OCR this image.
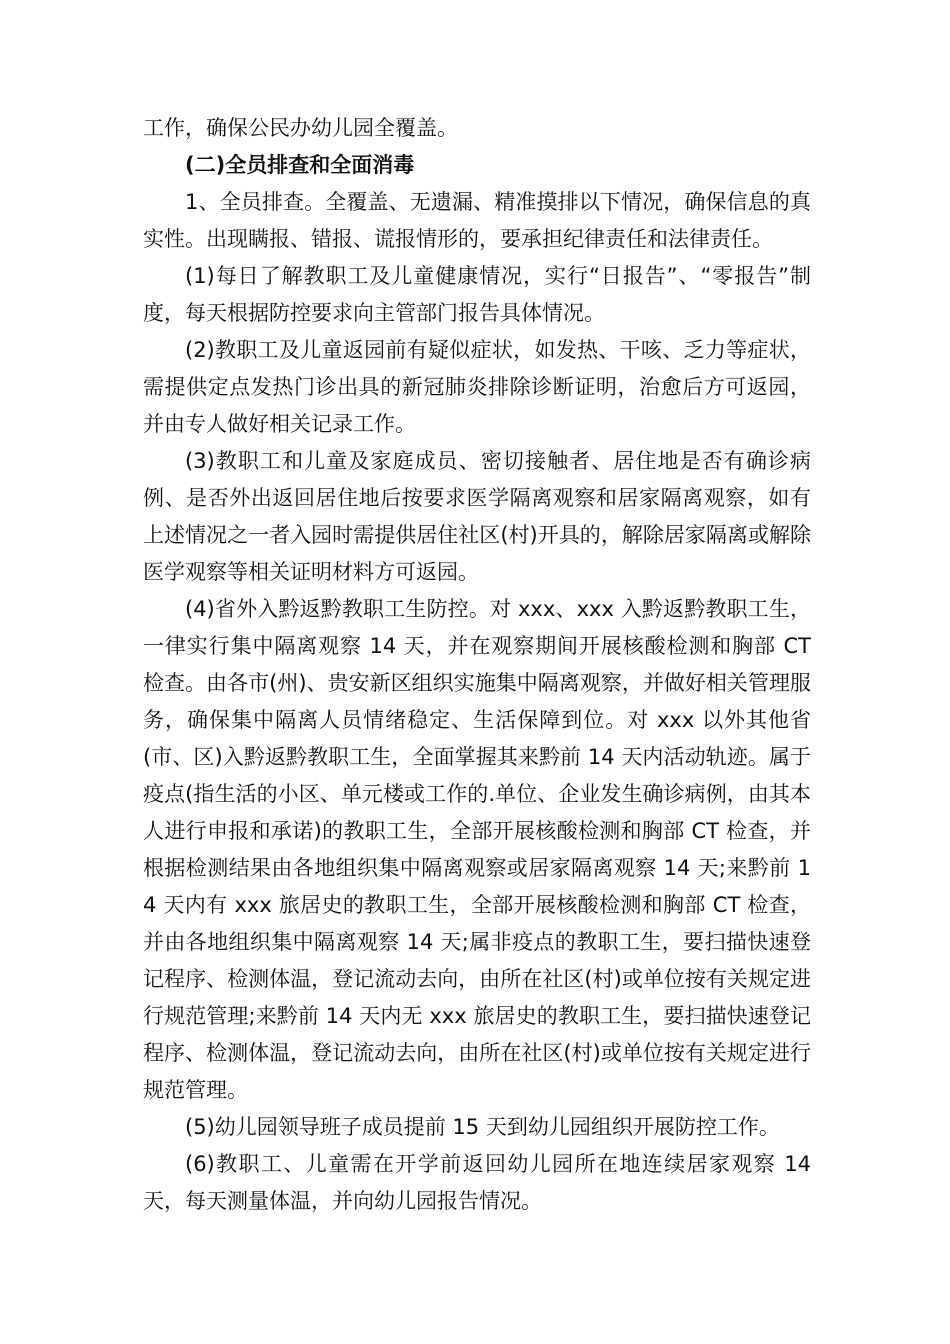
工作，确保公民办幼儿园全覆盖。

(二)全员排查和全面消毒

1、全员排查。全覆盖、无遗漏、精准摸排以下情况，确保信息的真实性。出现瞒报、错报、谎报情形的，要承担纪律责任和法律责任。

(1)每日了解教职工及儿童健康情况，实行“日报告”、“零报告”制度，每天根据防控要求向主管部门报告具体情况。

(2)教职工及儿童返园前有疑似症状，如发热、干咳、乏力等症状，需提供定点发热门诊出具的新冠肺炎排除诊断证明，治愈后方可返园，并由专人做好相关记录工作。

(3)教职工和儿童及家庭成员、密切接触者、居住地是否有确诊病例、是否外出返回居住地后按要求医学隔离观察和居家隔离观察，如有上述情况之一者入园时需提供居住社区(村)开具的，解除居家隔离或解除医学观察等相关证明材料方可返园。

(4)省外入黔返黔教职工生防控。对 xxx、xxx 入黔返黔教职工生，一律实行集中隔离观察 14 天，并在观察期间开展核酸检测和胸部 CT 检查。由各市(州)、贵安新区组织实施集中隔离观察，并做好相关管理服务，确保集中隔离人员情绪稳定、生活保障到位。对 xxx 以外其他省(市、区)入黔返黔教职工生，全面掌握其来黔前 14 天内活动轨迹。属于疫点(指生活的小区、单元楼或工作的.单位、企业发生确诊病例，由其本人进行申报和承诺)的教职工生，全部开展核酸检测和胸部 CT 检查，并根据检测结果由各地组织集中隔离观察或居家隔离观察 14 天;来黔前 14 天内有 xxx 旅居史的教职工生，全部开展核酸检测和胸部 CT 检查，并由各地组织集中隔离观察 14 天;属非疫点的教职工生，要扫描快速登记程序、检测体温，登记流动去向，由所在社区(村)或单位按有关规定进行规范管理;来黔前 14 天内无 xxx 旅居史的教职工生，要扫描快速登记程序、检测体温，登记流动去向，由所在社区(村)或单位按有关规定进行规范管理。

(5)幼儿园领导班子成员提前 15 天到幼儿园组织开展防控工作。

(6)教职工、儿童需在开学前返回幼儿园所在地连续居家观察 14 天，每天测量体温，并向幼儿园报告情况。
